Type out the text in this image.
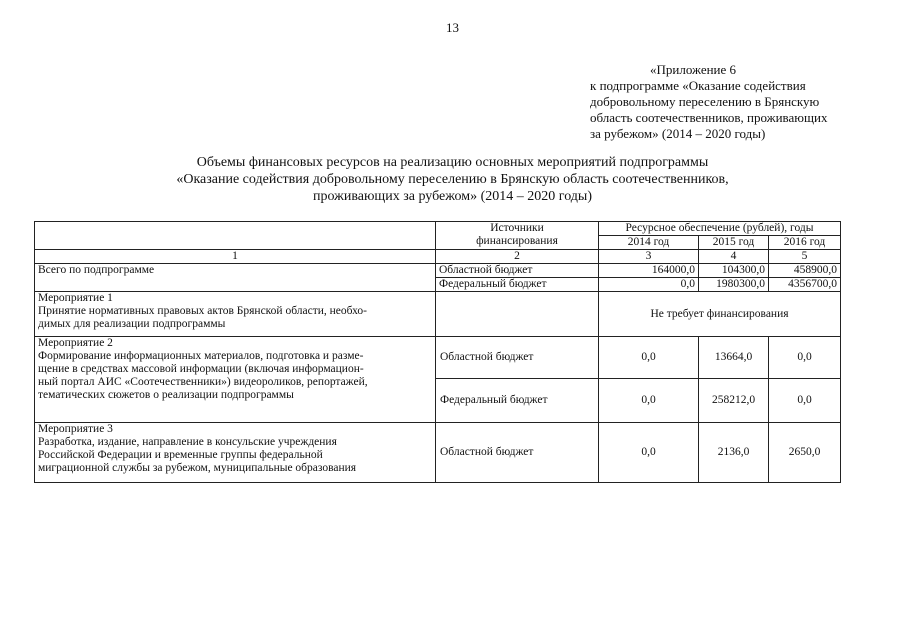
13
«Приложение 6
к подпрограмме «Оказание содействия
добровольному переселению в Брянскую
область соотечественников, проживающих
за рубежом» (2014 – 2020 годы)
Объемы финансовых ресурсов на реализацию основных мероприятий подпрограммы
«Оказание содействия добровольному переселению в Брянскую область соотечественников,
проживающих за рубежом» (2014 – 2020 годы)

	Источники
финансирования	Ресурсное обеспечение (рублей), годы		
		2014 год	2015 год	2016 год
1	2	3	4	5
Всего по подпрограмме	Областной бюджет	164000,0	104300,0	458900,0
	Федеральный бюджет	0,0	1980300,0	4356700,0

Мероприятие 1
Принятие нормативных правовых актов Брянской области, необхо-
димых для реализации подпрограммы		Не требует финансирования		

Мероприятие 2
Формирование информационных материалов, подготовка и разме-
щение в средствах массовой информации (включая информацион-
ный портал АИС «Соотечественники») видеороликов, репортажей,
тематических сюжетов о реализации подпрограммы	Областной бюджет	0,0	13664,0	0,0
	Федеральный бюджет	0,0	258212,0	0,0

Мероприятие 3
Разработка, издание, направление в консульские учреждения
Российской Федерации и временные группы федеральной
миграционной службы за рубежом, муниципальные образования	Областной бюджет	0,0	2136,0	2650,0
